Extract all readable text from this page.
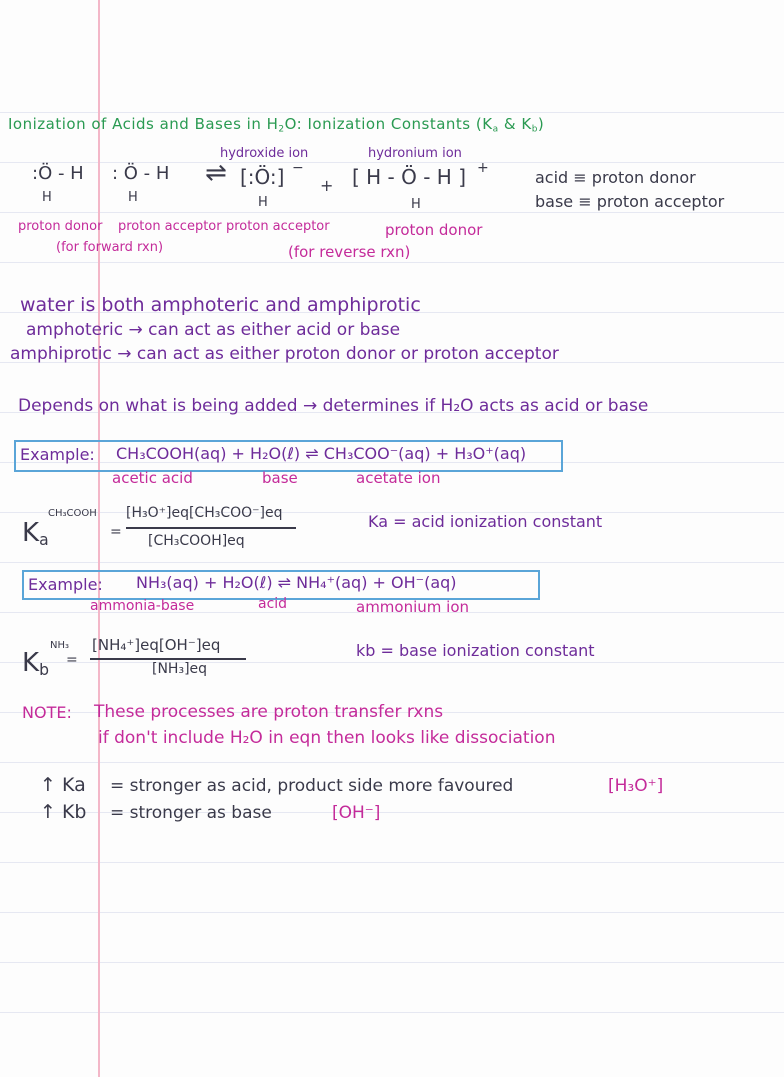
Ionization of Acids and Bases in $H_2O$: Ionization Constants ($K_a$ & $K_b$)
:Ö - H
H
: Ö - H
H
⇌
hydroxide ion
[:Ö:] −
H
+
hydronium ion
[ H - Ö - H ] +
H
acid ≡ proton donor
base ≡ proton acceptor
proton donor
(for forward rxn)
proton acceptor proton acceptor
(for reverse rxn)
proton donor
water is both amphoteric and amphiprotic
amphoteric → can act as either acid or base
amphiprotic → can act as either proton donor or proton acceptor
Depends on what is being added → determines if H₂O acts as acid or base
Example: CH₃COOH(aq) + H₂O(ℓ) ⇌ CH₃COO⁻(aq) + H₃O⁺(aq)
acetic acid	base	acetate ion
$K_a$
CH₃COOH
=
[H₃O⁺]eq[CH₃COO⁻]eq
[CH₃COOH]eq
Ka = acid ionization constant
Example: NH₃(aq) + H₂O(ℓ) ⇌ NH₄⁺(aq) + OH⁻(aq)
ammonia-base	acid	ammonium ion
$K_b$
NH₃
=
[NH₄⁺]eq[OH⁻]eq
[NH₃]eq
kb = base ionization constant
NOTE: These processes are proton transfer rxns
if don't include H₂O in eqn then looks like dissociation
↑ Ka = stronger as acid, product side more favoured	[H₃O⁺]
↑ Kb = stronger as base	[OH⁻]
